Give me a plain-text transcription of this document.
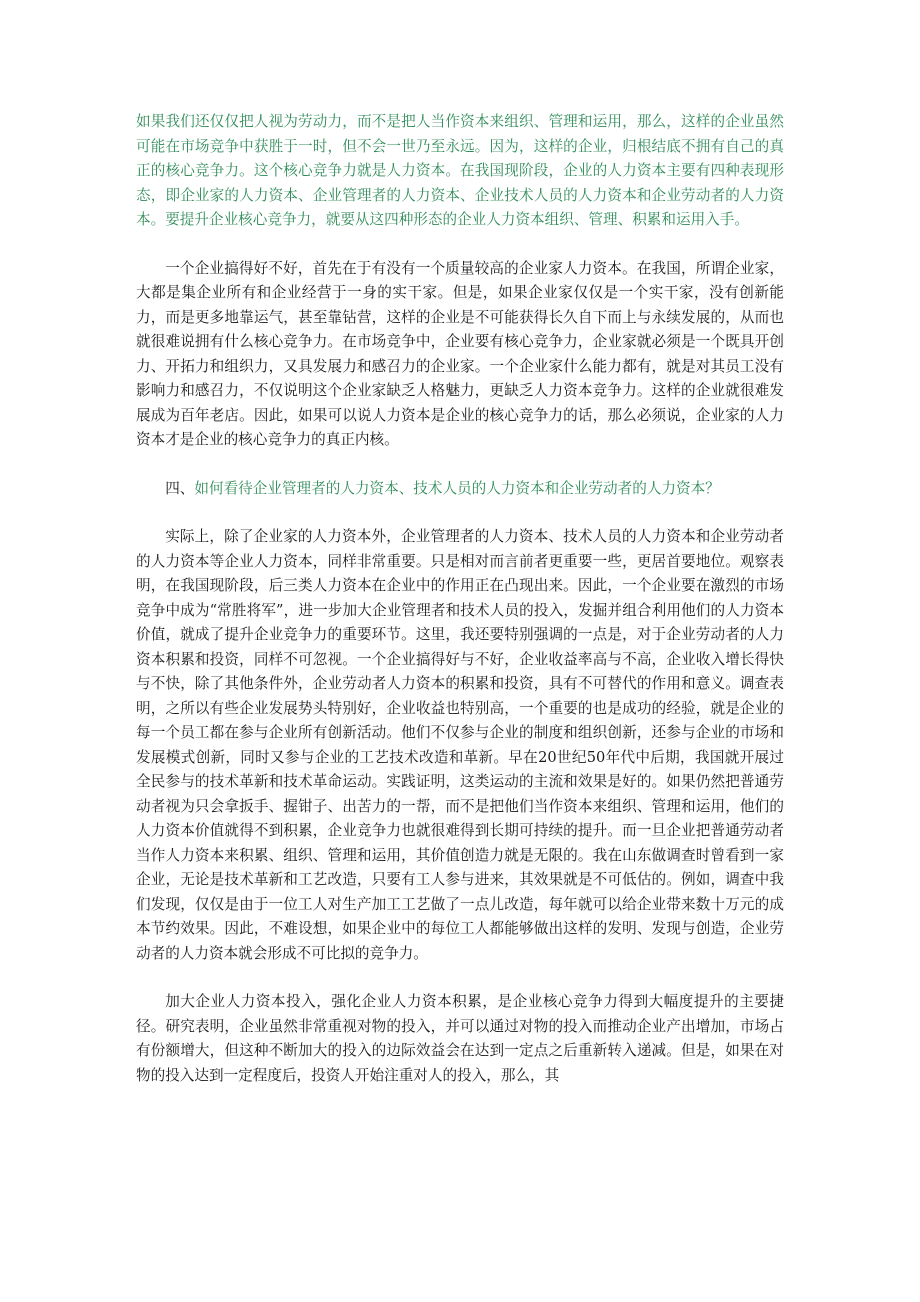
如果我们还仅仅把人视为劳动力，而不是把人当作资本来组织、管理和运用，那么，这样的企业虽然可能在市场竞争中获胜于一时，但不会一世乃至永远。因为，这样的企业，归根结底不拥有自己的真正的核心竞争力。这个核心竞争力就是人力资本。在我国现阶段，企业的人力资本主要有四种表现形态，即企业家的人力资本、企业管理者的人力资本、企业技术人员的人力资本和企业劳动者的人力资本。要提升企业核心竞争力，就要从这四种形态的企业人力资本组织、管理、积累和运用入手。

一个企业搞得好不好，首先在于有没有一个质量较高的企业家人力资本。在我国，所谓企业家，大都是集企业所有和企业经营于一身的实干家。但是，如果企业家仅仅是一个实干家，没有创新能力，而是更多地靠运气，甚至靠钻营，这样的企业是不可能获得长久自下而上与永续发展的，从而也就很难说拥有什么核心竞争力。在市场竞争中，企业要有核心竞争力，企业家就必须是一个既具开创力、开拓力和组织力，又具发展力和感召力的企业家。一个企业家什么能力都有，就是对其员工没有影响力和感召力，不仅说明这个企业家缺乏人格魅力，更缺乏人力资本竞争力。这样的企业就很难发展成为百年老店。因此，如果可以说人力资本是企业的核心竞争力的话，那么必须说，企业家的人力资本才是企业的核心竞争力的真正内核。

四、如何看待企业管理者的人力资本、技术人员的人力资本和企业劳动者的人力资本？

实际上，除了企业家的人力资本外，企业管理者的人力资本、技术人员的人力资本和企业劳动者的人力资本等企业人力资本，同样非常重要。只是相对而言前者更重要一些，更居首要地位。观察表明，在我国现阶段，后三类人力资本在企业中的作用正在凸现出来。因此，一个企业要在激烈的市场竞争中成为“常胜将军”，进一步加大企业管理者和技术人员的投入，发掘并组合利用他们的人力资本价值，就成了提升企业竞争力的重要环节。这里，我还要特别强调的一点是，对于企业劳动者的人力资本积累和投资，同样不可忽视。一个企业搞得好与不好，企业收益率高与不高，企业收入增长得快与不快，除了其他条件外，企业劳动者人力资本的积累和投资，具有不可替代的作用和意义。调查表明，之所以有些企业发展势头特别好，企业收益也特别高，一个重要的也是成功的经验，就是企业的每一个员工都在参与企业所有创新活动。他们不仅参与企业的制度和组织创新，还参与企业的市场和发展模式创新，同时又参与企业的工艺技术改造和革新。早在20世纪50年代中后期，我国就开展过全民参与的技术革新和技术革命运动。实践证明，这类运动的主流和效果是好的。如果仍然把普通劳动者视为只会拿扳手、握钳子、出苦力的一帮，而不是把他们当作资本来组织、管理和运用，他们的人力资本价值就得不到积累，企业竞争力也就很难得到长期可持续的提升。而一旦企业把普通劳动者当作人力资本来积累、组织、管理和运用，其价值创造力就是无限的。我在山东做调查时曾看到一家企业，无论是技术革新和工艺改造，只要有工人参与进来，其效果就是不可低估的。例如，调查中我们发现，仅仅是由于一位工人对生产加工工艺做了一点儿改造，每年就可以给企业带来数十万元的成本节约效果。因此，不难设想，如果企业中的每位工人都能够做出这样的发明、发现与创造，企业劳动者的人力资本就会形成不可比拟的竞争力。

加大企业人力资本投入，强化企业人力资本积累，是企业核心竞争力得到大幅度提升的主要捷径。研究表明，企业虽然非常重视对物的投入，并可以通过对物的投入而推动企业产出增加，市场占有份额增大，但这种不断加大的投入的边际效益会在达到一定点之后重新转入递减。但是，如果在对物的投入达到一定程度后，投资人开始注重对人的投入，那么，其
